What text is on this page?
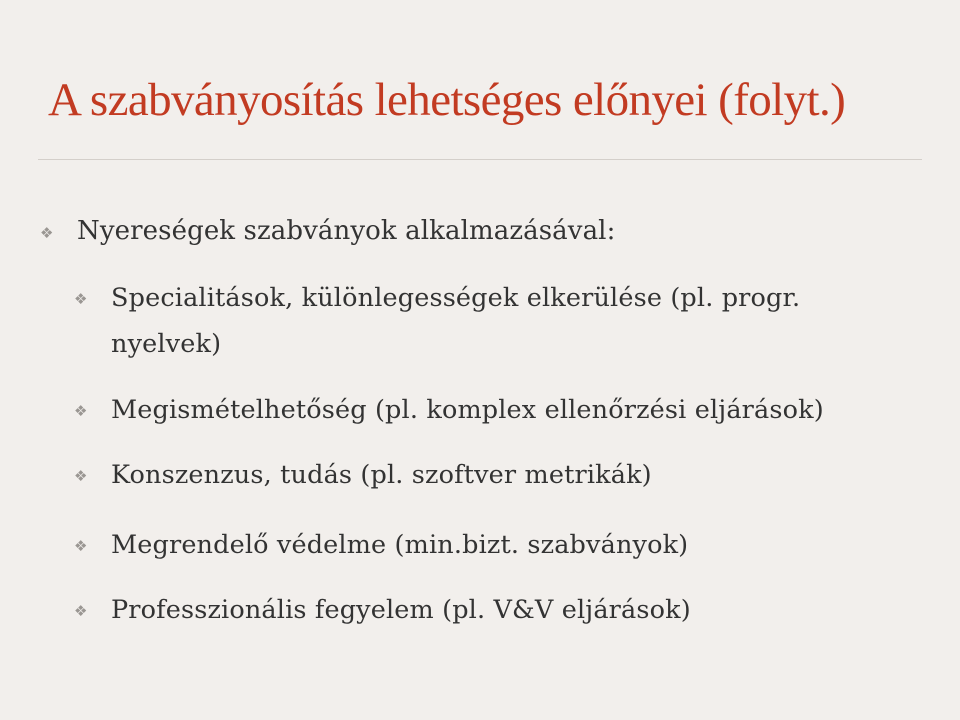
A szabványosítás lehetséges előnyei (folyt.)
❖ Nyereségek szabványok alkalmazásával:
❖ Specialitások, különlegességek elkerülése (pl. progr.
nyelvek)
❖ Megismételhetőség (pl. komplex ellenőrzési eljárások)
❖ Konszenzus, tudás (pl. szoftver metrikák)
❖ Megrendelő védelme (min.bizt. szabványok)
❖ Professzionális fegyelem (pl. V&V eljárások)
